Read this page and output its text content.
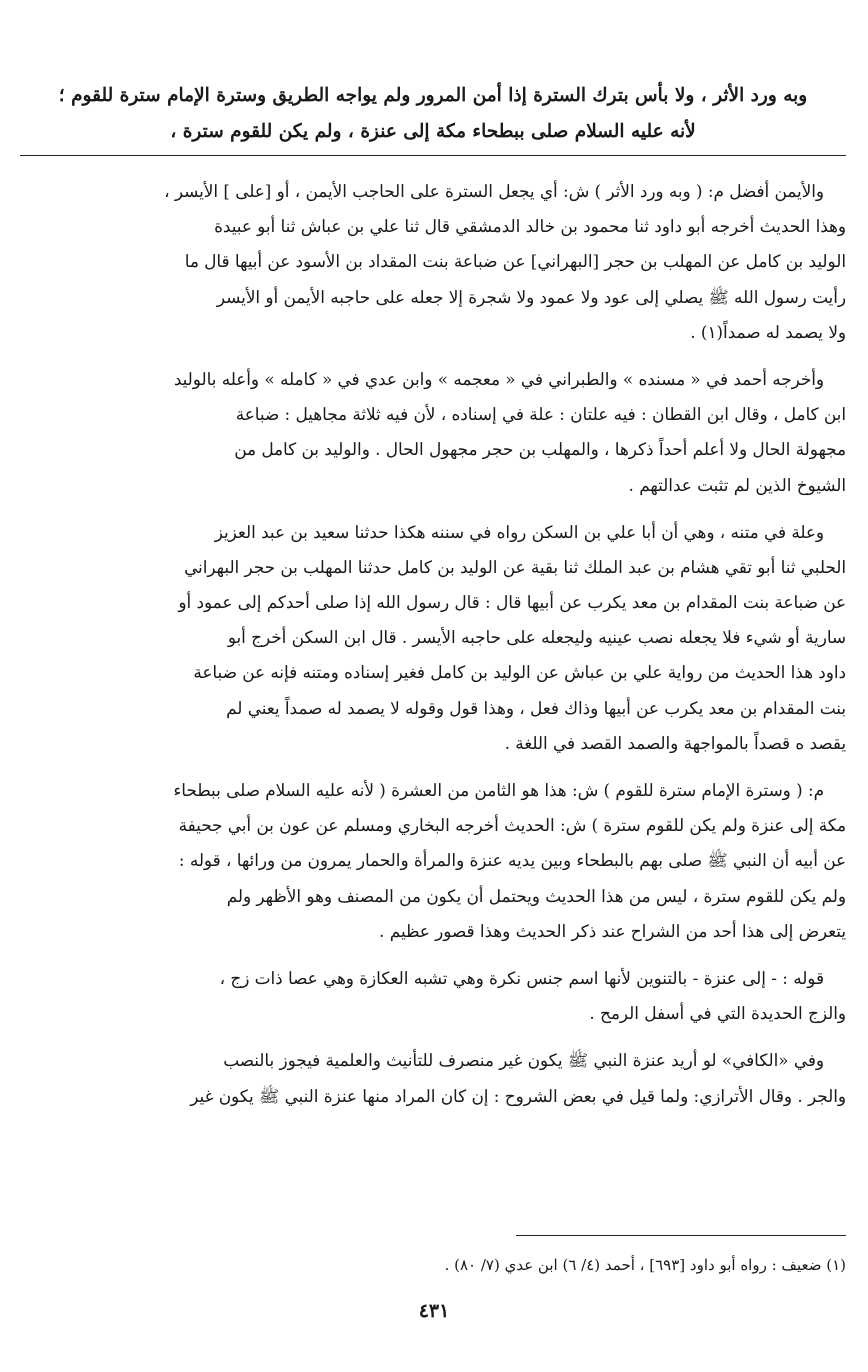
وبه ورد الأثر ، ولا بأس بترك السترة إذا أمن المرور ولم يواجه الطريق وسترة الإمام سترة للقوم ؛
لأنه عليه السلام صلى ببطحاء مكة إلى عنزة ، ولم يكن للقوم سترة ،
والأيمن أفضل م: ( وبه ورد الأثر ) ش: أي يجعل السترة على الحاجب الأيمن ، أو [على ] الأيسر ،
وهذا الحديث أخرجه أبو داود ثنا محمود بن خالد الدمشقي قال ثنا علي بن عباش ثنا أبو عبيدة
الوليد بن كامل عن المهلب بن حجر [البهراني] عن ضباعة بنت المقداد بن الأسود عن أبيها قال ما
رأيت رسول الله ﷺ يصلي إلى عود ولا عمود ولا شجرة إلا جعله على حاجبه الأيمن أو الأيسر
ولا يصمد له صمداً(١) .
وأخرجه أحمد في « مسنده » والطبراني في « معجمه » وابن عدي في « كامله » وأعله بالوليد
ابن كامل ، وقال ابن القطان : فيه علتان : علة في إسناده ، لأن فيه ثلاثة مجاهيل : ضباعة
مجهولة الحال ولا أعلم أحداً ذكرها ، والمهلب بن حجر مجهول الحال . والوليد بن كامل من
الشيوخ الذين لم تثبت عدالتهم .
وعلة في متنه ، وهي أن أبا علي بن السكن رواه في سننه هكذا حدثنا سعيد بن عبد العزيز
الحلبي ثنا أبو تقي هشام بن عبد الملك ثنا بقية عن الوليد بن كامل حدثنا المهلب بن حجر البهراني
عن ضباعة بنت المقدام بن معد يكرب عن أبيها قال : قال رسول الله إذا صلى أحدكم إلى عمود أو
سارية أو شيء فلا يجعله نصب عينيه وليجعله على حاجبه الأيسر . قال ابن السكن أخرج أبو
داود هذا الحديث من رواية علي بن عباش عن الوليد بن كامل فغير إسناده ومتنه فإنه عن ضباعة
بنت المقدام بن معد يكرب عن أبيها وذاك فعل ، وهذا قول وقوله لا يصمد له صمداً يعني لم
يقصد ه قصداً بالمواجهة والصمد القصد في اللغة .
م: ( وسترة الإمام سترة للقوم ) ش: هذا هو الثامن من العشرة ( لأنه عليه السلام صلى ببطحاء
مكة إلى عنزة ولم يكن للقوم سترة ) ش: الحديث أخرجه البخاري ومسلم عن عون بن أبي جحيفة
عن أبيه أن النبي ﷺ صلى بهم بالبطحاء وبين يديه عنزة والمرأة والحمار يمرون من ورائها ، قوله :
ولم يكن للقوم سترة ، ليس من هذا الحديث ويحتمل أن يكون من المصنف وهو الأظهر ولم
يتعرض إلى هذا أحد من الشراح عند ذكر الحديث وهذا قصور عظيم .
قوله : - إلى عنزة - بالتنوين لأنها اسم جنس نكرة وهي تشبه العكازة وهي عصا ذات زج ،
والزج الحديدة التي في أسفل الرمح .
وفي «الكافي» لو أريد عنزة النبي ﷺ يكون غير منصرف للتأنيث والعلمية فيجوز بالنصب
والجر . وقال الأترازي: ولما قيل في بعض الشروح : إن كان المراد منها عنزة النبي ﷺ يكون غير
(١) ضعيف : رواه أبو داود [٦٩٣] ، أحمد (٤/ ٦) ابن عدي (٧/ ٨٠) .
٤٣١
